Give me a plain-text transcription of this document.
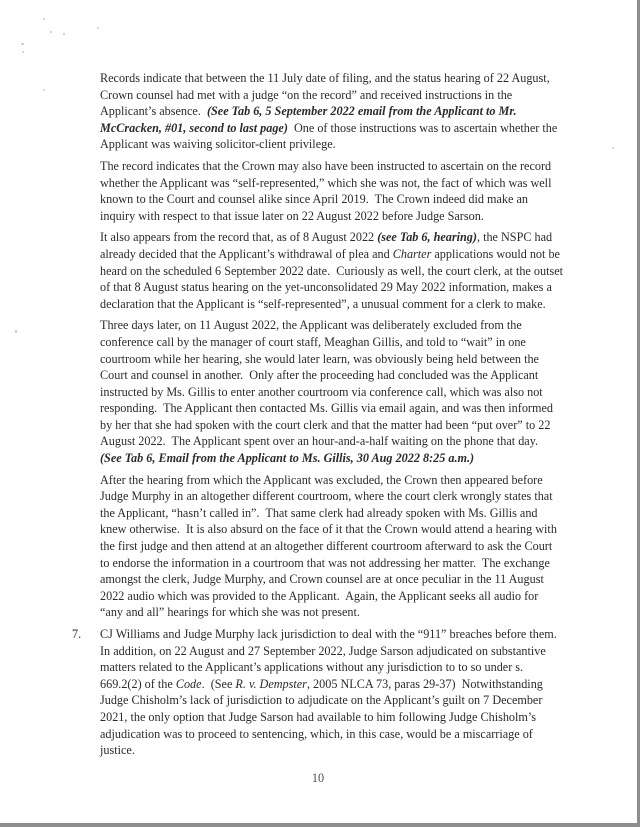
Records indicate that between the 11 July date of filing, and the status hearing of 22 August, Crown counsel had met with a judge “on the record” and received instructions in the Applicant’s absence.  (See Tab 6, 5 September 2022 email from the Applicant to Mr. McCracken, #01, second to last page)  One of those instructions was to ascertain whether the Applicant was waiving solicitor-client privilege.

The record indicates that the Crown may also have been instructed to ascertain on the record whether the Applicant was “self-represented,” which she was not, the fact of which was well known to the Court and counsel alike since April 2019.  The Crown indeed did make an inquiry with respect to that issue later on 22 August 2022 before Judge Sarson.

It also appears from the record that, as of 8 August 2022 (see Tab 6, hearing), the NSPC had already decided that the Applicant’s withdrawal of plea and Charter applications would not be heard on the scheduled 6 September 2022 date.  Curiously as well, the court clerk, at the outset of that 8 August status hearing on the yet-unconsolidated 29 May 2022 information, makes a declaration that the Applicant is “self-represented”, a unusual comment for a clerk to make.

Three days later, on 11 August 2022, the Applicant was deliberately excluded from the conference call by the manager of court staff, Meaghan Gillis, and told to “wait” in one courtroom while her hearing, she would later learn, was obviously being held between the Court and counsel in another.  Only after the proceeding had concluded was the Applicant instructed by Ms. Gillis to enter another courtroom via conference call, which was also not responding.  The Applicant then contacted Ms. Gillis via email again, and was then informed by her that she had spoken with the court clerk and that the matter had been “put over” to 22 August 2022.  The Applicant spent over an hour-and-a-half waiting on the phone that day.  (See Tab 6, Email from the Applicant to Ms. Gillis, 30 Aug 2022 8:25 a.m.)

After the hearing from which the Applicant was excluded, the Crown then appeared before Judge Murphy in an altogether different courtroom, where the court clerk wrongly states that the Applicant, “hasn’t called in”.  That same clerk had already spoken with Ms. Gillis and knew otherwise.  It is also absurd on the face of it that the Crown would attend a hearing with the first judge and then attend at an altogether different courtroom afterward to ask the Court to endorse the information in a courtroom that was not addressing her matter.  The exchange amongst the clerk, Judge Murphy, and Crown counsel are at once peculiar in the 11 August 2022 audio which was provided to the Applicant.  Again, the Applicant seeks all audio for “any and all” hearings for which she was not present.

7. CJ Williams and Judge Murphy lack jurisdiction to deal with the “911” breaches before them.  In addition, on 22 August and 27 September 2022, Judge Sarson adjudicated on substantive matters related to the Applicant’s applications without any jurisdiction to to so under s. 669.2(2) of the Code.  (See R. v. Dempster, 2005 NLCA 73, paras 29-37)  Notwithstanding Judge Chisholm’s lack of jurisdiction to adjudicate on the Applicant’s guilt on 7 December 2021, the only option that Judge Sarson had available to him following Judge Chisholm’s adjudication was to proceed to sentencing, which, in this case, would be a miscarriage of justice.

10
